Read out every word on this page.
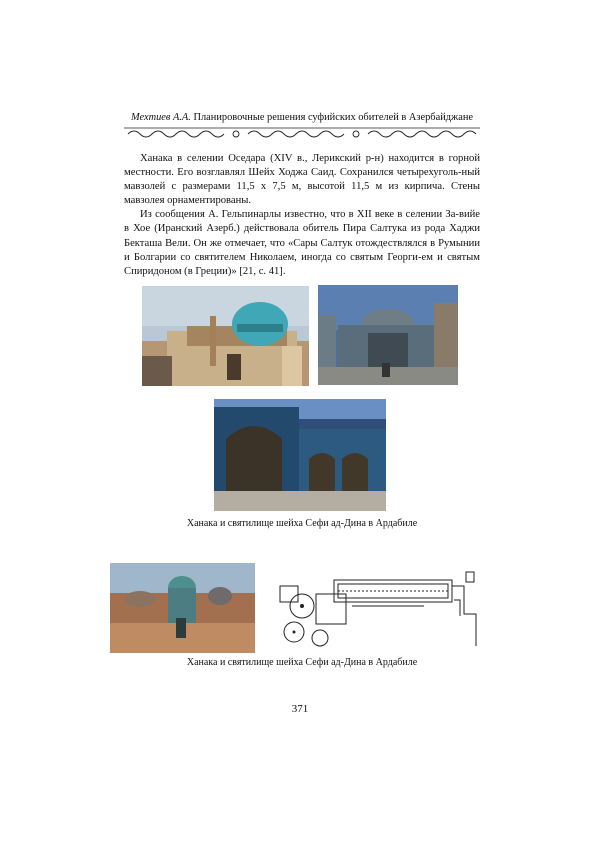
Мехтиев А.А. Планировочные решения суфийских обителей в Азербайджане

Ханака в селении Оседара (XIV в., Лерикский р-н) находится в горной местности. Его возглавлял Шейх Ходжа Саид. Сохранился четырехуголь-ный мавзолей с размерами 11,5 х 7,5 м, высотой 11,5 м из кирпича. Стены мавзолея орнаментированы.

Из сообщения А. Гельпинарлы известно, что в XII веке в селении За-вийе в Хое (Иранский Азерб.) действовала обитель Пира Салтука из рода Хаджи Бекташа Вели. Он же отмечает, что «Сары Салтук отождествлялся в Румынии и Болгарии со святителем Николаем, иногда со святым Георги-ем и святым Спиридоном (в Греции)» [21, с. 41].

Ханака и святилище шейха Сефи ад-Дина в Ардабиле
Ханака и святилище шейха Сефи ад-Дина в Ардабиле
371
